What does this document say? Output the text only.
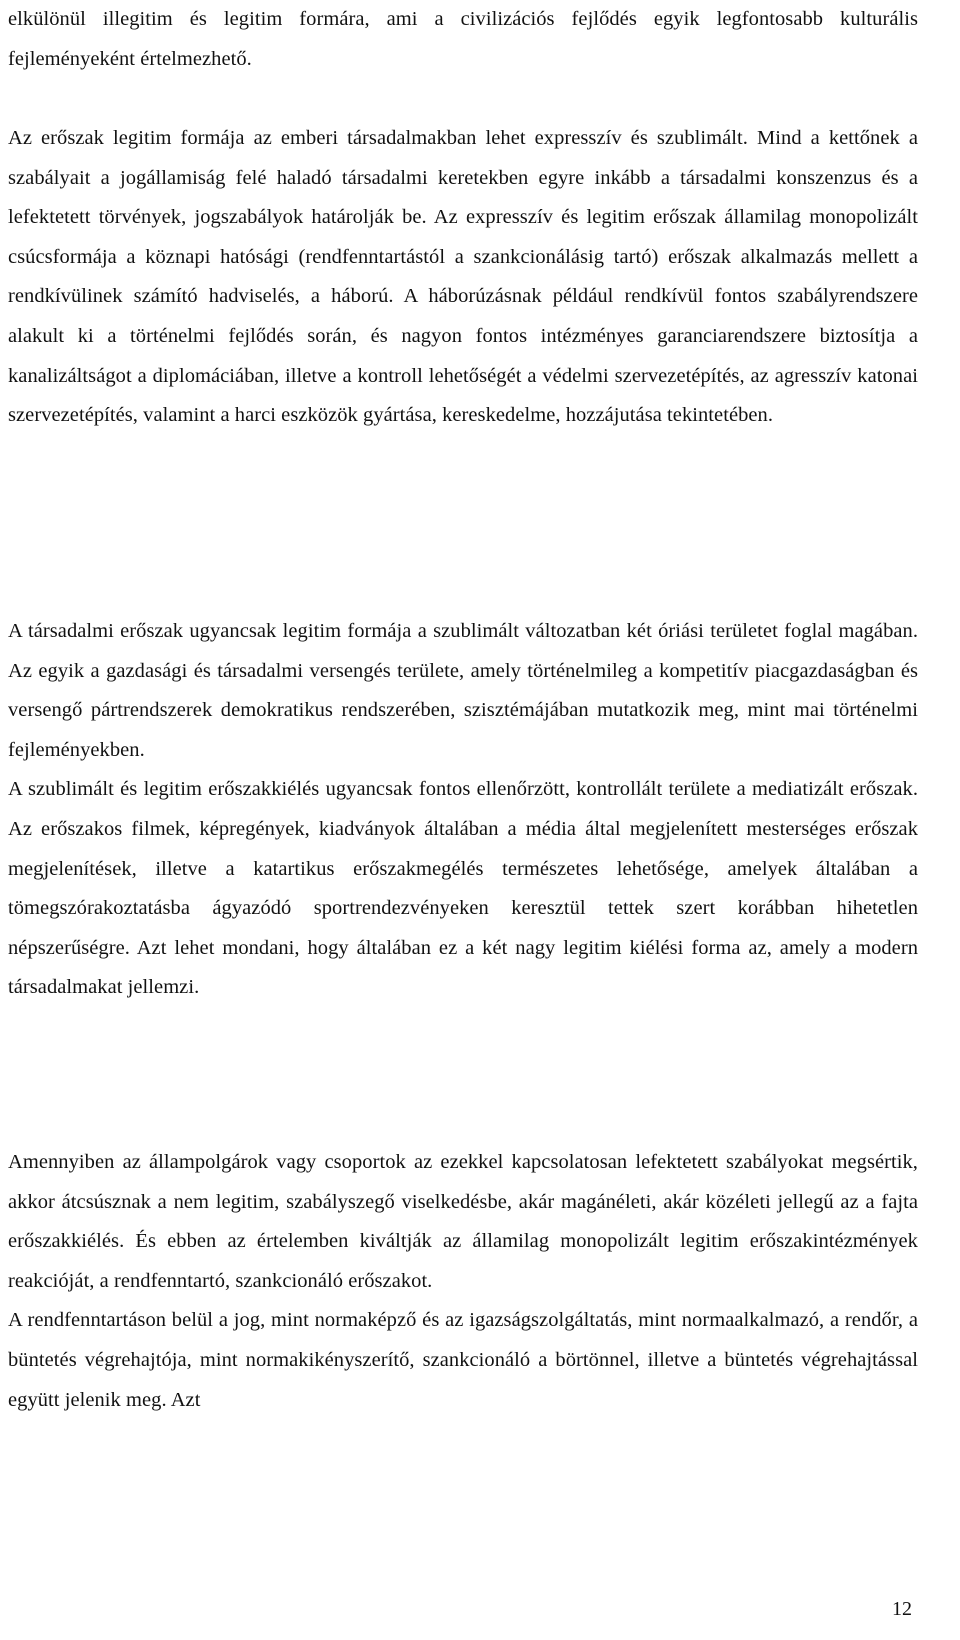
elkülönül illegitim és legitim formára, ami a civilizációs fejlődés egyik legfontosabb kulturális fejleményeként értelmezhető.

Az erőszak legitim formája az emberi társadalmakban lehet expresszív és szublimált. Mind a kettőnek a szabályait a jogállamiság felé haladó társadalmi keretekben egyre inkább a társadalmi konszenzus és a lefektetett törvények, jogszabályok határolják be. Az expresszív és legitim erőszak államilag monopolizált csúcsformája a köznapi hatósági (rendfenntartástól a szankcionálásig tartó) erőszak alkalmazás mellett a rendkívülinek számító hadviselés, a háború. A háborúzásnak például rendkívül fontos szabályrendszere alakult ki a történelmi fejlődés során, és nagyon fontos intézményes garanciarendszere biztosítja a kanalizáltságot a diplomáciában, illetve a kontroll lehetőségét a védelmi szervezetépítés, az agresszív katonai szervezetépítés, valamint a harci eszközök gyártása, kereskedelme, hozzájutása tekintetében.

A társadalmi erőszak ugyancsak legitim formája a szublimált változatban két óriási területet foglal magában. Az egyik a gazdasági és társadalmi versengés területe, amely történelmileg a kompetitív piacgazdaságban és versengő pártrendszerek demokratikus rendszerében, szisztémájában mutatkozik meg, mint mai történelmi fejleményekben.

A szublimált és legitim erőszakkiélés ugyancsak fontos ellenőrzött, kontrollált területe a mediatizált erőszak. Az erőszakos filmek, képregények, kiadványok általában a média által megjelenített mesterséges erőszak megjelenítések, illetve a katartikus erőszakmegélés természetes lehetősége, amelyek általában a tömegszórakoztatásba ágyazódó sportrendezvényeken keresztül tettek szert korábban hihetetlen népszerűségre. Azt lehet mondani, hogy általában ez a két nagy legitim kiélési forma az, amely a modern társadalmakat jellemzi.

Amennyiben az állampolgárok vagy csoportok az ezekkel kapcsolatosan lefektetett szabályokat megsértik, akkor átcsúsznak a nem legitim, szabályszegő viselkedésbe, akár magánéleti, akár közéleti jellegű az a fajta erőszakkiélés. És ebben az értelemben kiváltják az államilag monopolizált legitim erőszakintézmények reakcióját, a rendfenntartó, szankcionáló erőszakot.

A rendfenntartáson belül a jog, mint normaképző és az igazságszolgáltatás, mint normaalkalmazó, a rendőr, a büntetés végrehajtója, mint normakikényszerítő, szankcionáló a börtönnel, illetve a büntetés végrehajtással együtt jelenik meg. Azt

12
